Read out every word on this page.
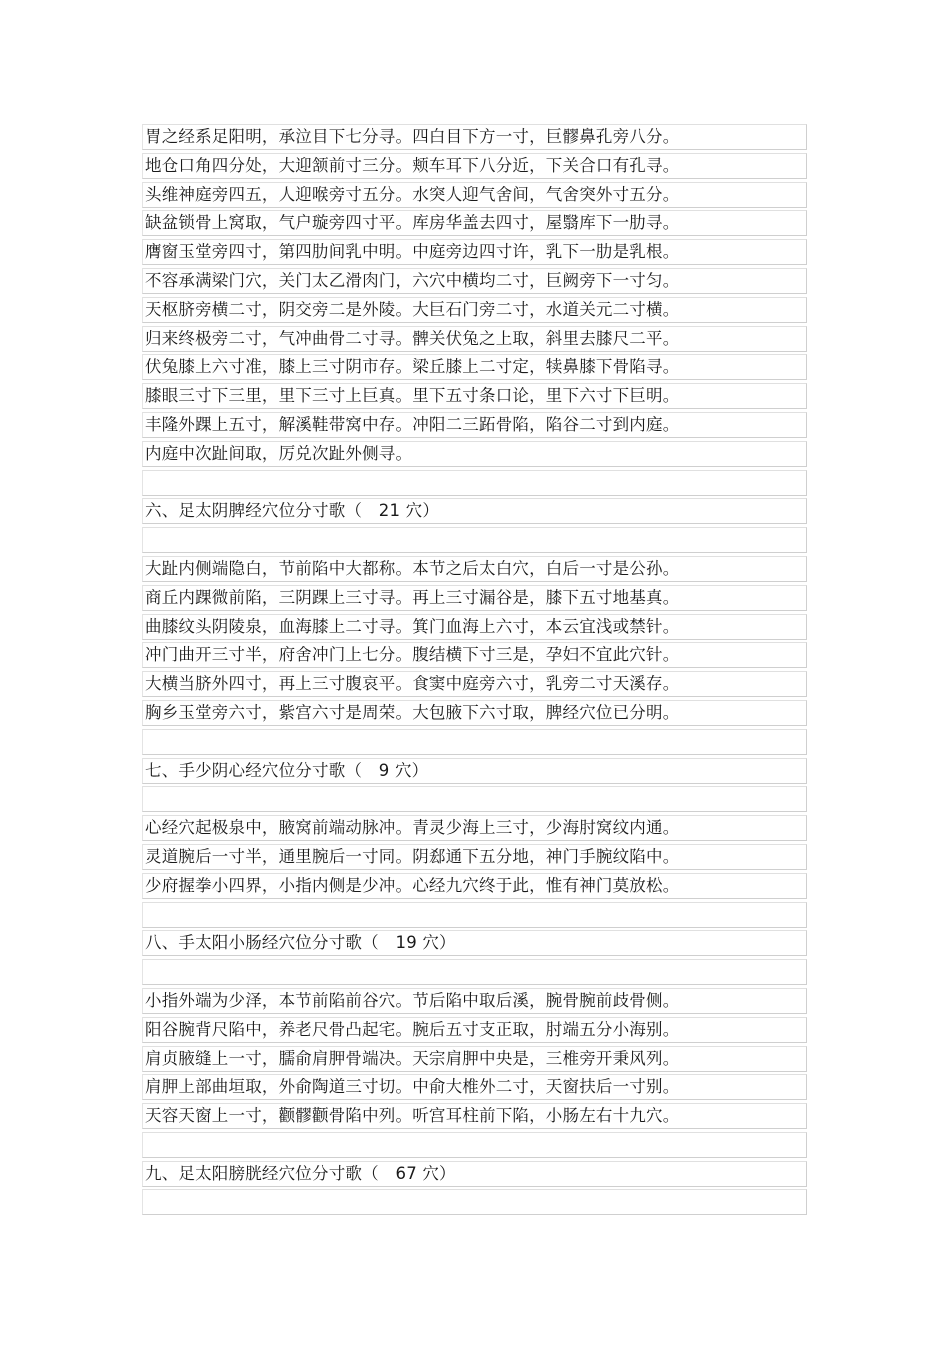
胃之经系足阳明，承泣目下七分寻。四白目下方一寸，巨髎鼻孔旁八分。
地仓口角四分处，大迎颔前寸三分。颊车耳下八分近，下关合口有孔寻。
头维神庭旁四五，人迎喉旁寸五分。水突人迎气舍间，气舍突外寸五分。
缺盆锁骨上窝取，气户璇旁四寸平。库房华盖去四寸，屋翳库下一肋寻。
膺窗玉堂旁四寸，第四肋间乳中明。中庭旁边四寸许，乳下一肋是乳根。
不容承满梁门穴，关门太乙滑肉门，六穴中横均二寸，巨阙旁下一寸匀。
天枢脐旁横二寸，阴交旁二是外陵。大巨石门旁二寸，水道关元二寸横。
归来终极旁二寸，气冲曲骨二寸寻。髀关伏兔之上取，斜里去膝尺二平。
伏兔膝上六寸准，膝上三寸阴市存。梁丘膝上二寸定，犊鼻膝下骨陷寻。
膝眼三寸下三里，里下三寸上巨真。里下五寸条口论，里下六寸下巨明。
丰隆外踝上五寸，解溪鞋带窝中存。冲阳二三跖骨陷，陷谷二寸到内庭。
内庭中次趾间取，厉兑次趾外侧寻。
六、足太阴脾经穴位分寸歌（　21 穴）
大趾内侧端隐白，节前陷中大都称。本节之后太白穴，白后一寸是公孙。
商丘内踝微前陷，三阴踝上三寸寻。再上三寸漏谷是，膝下五寸地基真。
曲膝纹头阴陵泉，血海膝上二寸寻。箕门血海上六寸，本云宜浅或禁针。
冲门曲开三寸半，府舍冲门上七分。腹结横下寸三是，孕妇不宜此穴针。
大横当脐外四寸，再上三寸腹哀平。食窦中庭旁六寸，乳旁二寸天溪存。
胸乡玉堂旁六寸，紫宫六寸是周荣。大包腋下六寸取，脾经穴位已分明。
七、手少阴心经穴位分寸歌（　9 穴）
心经穴起极泉中，腋窝前端动脉冲。青灵少海上三寸，少海肘窝纹内通。
灵道腕后一寸半，通里腕后一寸同。阴郄通下五分地，神门手腕纹陷中。
少府握拳小四界，小指内侧是少冲。心经九穴终于此，惟有神门莫放松。
八、手太阳小肠经穴位分寸歌（　19 穴）
小指外端为少泽，本节前陷前谷穴。节后陷中取后溪，腕骨腕前歧骨侧。
阳谷腕背尺陷中，养老尺骨凸起宅。腕后五寸支正取，肘端五分小海别。
肩贞腋缝上一寸，臑俞肩胛骨端决。天宗肩胛中央是，三椎旁开秉风列。
肩胛上部曲垣取，外俞陶道三寸切。中俞大椎外二寸，天窗扶后一寸别。
天容天窗上一寸，颧髎颧骨陷中列。听宫耳柱前下陷，小肠左右十九穴。
九、足太阳膀胱经穴位分寸歌（　67 穴）
